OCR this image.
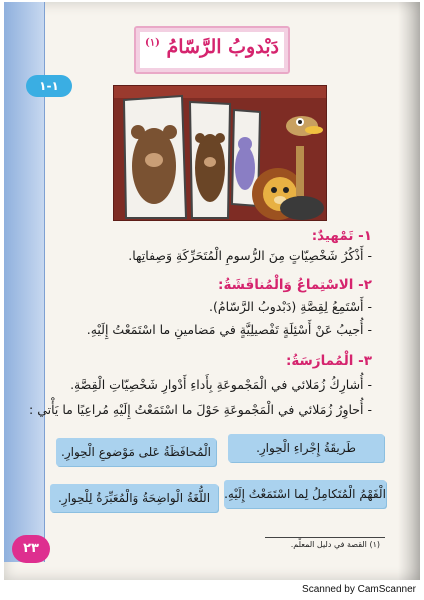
دَبْدوبُ الرَّسّامُ $^{(١)}$
١-١
١- تَمْهيدٌ:
- أَذْكُرُ شَخْصِيّاتٍ مِنَ الرُّسومِ الْمُتَحَرِّكَةِ وَصِفاتِها.
٢- الاسْتِماعُ وَالْمُناقَشَةُ:
- أَسْتَمِعُ لِقِصَّةِ (دَبْدوبُ الرَّسّامُ).
- أُجيبُ عَنْ أَسْئِلَةٍ تَفْصيلِيَّةٍ في مَضامينِ ما اسْتَمَعْتُ إِلَيْهِ.
٣- الْمُمارَسَةُ:
- أُشارِكُ زُمَلائي في الْمَجْموعَةِ بِأَداءِ أَدْوارِ شَخْصِيّاتِ الْقِصَّةِ.
- أُحاوِرُ زُمَلائي في الْمَجْموعَةِ حَوْلَ ما اسْتَمَعْتُ إِلَيْهِ مُراعِيًا ما يَأْتي :
طَريقَةُ إِجْراءِ الْحِوارِ.
الْمُحافَظَةُ عَلى مَوْضوعِ الْحِوارِ.
الْفَهْمُ الْمُتَكامِلُ لِما اسْتَمَعْتُ إِلَيْهِ.
اللُّغَةُ الْواضِحَةُ وَالْمُعَبِّرَةُ لِلْحِوارِ.
(١) القصة في دليل المعلّم.
٢٣
Scanned by CamScanner
